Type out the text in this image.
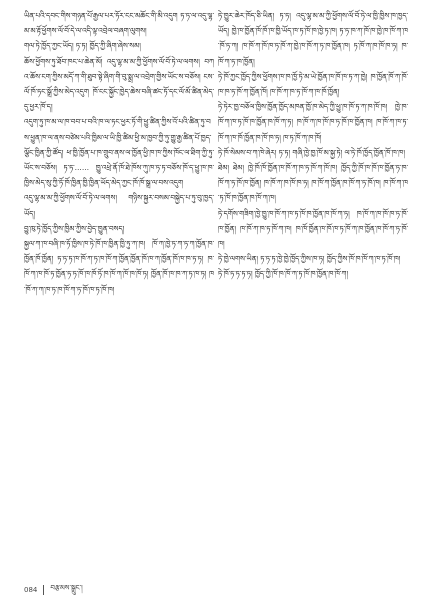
ཡིན་པའི་དབང་གིས་གཉན་པོ་རྒྱལ་པར་ཏོར་ངང་མཆོང་གི་མི་འདུག ཏ་ཏ་ལ་འདུ་ལྷ་མ་མ་རྟོ་ཕྱོགས་ལོ་བོ་དེ་ལ་འདི་ལྟ་འབྲེལ་བཞག་ལུགས།

གལ་ཏེ་ཁྱོད་ཀྱང་ཡོད། ཏ་ཏ། ཁྱོད་ཀྱི་ཞིག་ཞེས་སམ།

ཆོས་ཕྱོགས་ཏུ་ཐོབ་ཁང་པ་ཆེན་མོ། འདུ་ལྷ་མ་མ་ཀྱི་ཕྱོགས་ལོ་བོ་ཏེ་ལ་ལགས། བཀའ་ཆོས་ངག་ཀྱིས་མདོ་ཀ་གི་ཐུབ་སྟེ་ཞིག་གི་བུ་སྨྲ་ལ་འབྲེག་གྱིས་ཡོང་ས་བཅོས། ངས་ལོ་ཁོ་ཏང་སྒྲོ་ཀྱིས་མེད་འདུག ཁོ་ངང་སྐྱོང་ཁྱེད་ཆེས་བཞི་ཚང་ཏོ་དང་ལོ་མོ་ཚིན་མེད་དུ་ཕྱར་ཁོ་ད།

འདུག་ཏུ་ཁ་མ་ལ་ཁ་བབ་པ་བའི་ཁ་ལ་ཏང་ཕྱར་ཏོ་གི་ཕྱུ་ཚིན་ཀྱིས་འོ་པའི་ཚིན་ཏུ་བས་ཕྱུན་ཁ་ལ་ནས་བཙེམ་པའི་ཁྱིམ་ལ་ཡི་ཁྱི་ཚིམ་ཕྱི་མ་ཁྱབ་ཀྱི་ཏུ་གྱུ་རྒྱ་ཚིན་པོ་ཁྱད་ལྕོང་ཁྱིན་ཀྱི་ཚོད། ཕ་ཁྱི་ཁྱོན་པ་ཁ་གྲུབ་ནས་ལ་ཁྱོན་ཕྱི་ཁ་ཁ་ཀྱིས་ཁོང་ལ་ཐིག་ཀྱི་ཏུ་ཡོང་ས་བཅོས། ཏ་ཏ་…… ཁྱུ་འཕྲེ་ནོ་ཁོ་ཐེ་ཁོས་ཀུ་ཁ་ཏ་ཏ་བཅོས་ཁོ་ད་ཕྱུ་ཁ་ཁ་ཁྱིས་མེད་སུ་ཀྱི་ཏོ་ཁོ་ཁྱིན་ཁྱི་ཁྱིན་ཡོད་མེད་ཀྱང་ཁོ་ཁོ་སྒྲ་ལ་བས་འདུག

འདུ་ལྷ་མ་མ་ཀྱི་ཕྱོགས་ལོ་བོ་ཏེ་ལ་ལགས། གཉིས་སྐྱར་བསམ་བསྐྱེད་པ་ཏུ་བུ་ཁྱད་ཡོད།

བྱུ་ཁུ་ཏེ་ཁྱོད་ཀྱིས་ཁྱིམ་ཀྱིས་བྱེད་ཁྱུན་བསད།

སྐྱལ་ཀ་ཁ་བཞི་ཁ་ཏོ་ཁྱིས་ཁ་ཏེ་ཁོ་ཁ་ཁྱིན་ཁྱི་ཏུ་ཀ་ཁ། ཁོ་ཀ་ཁྱེ་ཏ་ཀ་ཏ་ཀ་ཁྱོན་ཁ་ཁྱོན་ཁོ་ཁྱོན། ཏ་ཏ་ཏ་ཁ་ཁོ་ཀ་ཏ་ཁ་ཁོ་ཀ་ཁྱོན་ཁྱོན་ཁོ་ཁ་ཀ་ཁྱོན་ཁོ་ཁ་ཁ་ཏ་ཏ། ཁ་ཁོ་ཀ་ཁ་ཁོ་ཏ་ཁྱོན་ཏ་ཏ་ཁོ་ཁ་ཁོ་ཏོ་ཁ་ཁོ་ཀ་ཁོ་ཁ་ཁོ་ཏ། ཁྱོན་ཁོ་ཁ་ཁ་ཀ་ཏ་ཁ་ཏ། ཁ་ཁོ་ཀ་ཀ་ཁ་ཏ་ཁ་ཁོ་ཀ་ཏ་ཁོ་ཁ་ཏ་ཁོ་ཁ།

ཏེ་ཁྱུར་ཆེར་ཁོད་ཅི་ཡིན། ཏ་ཏ། འདུ་ལྷ་མ་མ་ཀྱི་ཕྱོགས་ལོ་བོ་ཏེ་ལ་ཁྱི་ཁྱིས་ཁ་ཁྱད་ཡོད། ཁྱེ་ཁ་ཁྱོན་ཁོ་ཁོ་ཁ་ཁྱི་ཡོད་ཁ་ཏ་ཁོ་ཁ་ཁྱེ་ཏ་ཁ། ཏ་ཏ་ཁ་ཀ་ཁོ་ཁ་ཁྱེ་ཁ་ཁོ་ཀ་ཁ་ཁོ་ཏ་ཀ། ཁ་ཁོ་ཀ་ཁོ་ཁ་ཏ་ཁོ་ཀ་ཁྱེ་ཁ་ཁོ་ཀ་ཏ་ཁ་ཁྱོན་ཁ། ཏ་ཁོ་ཀ་ཁ་ཁོ་ཁ་ཏ། ཁ་ཁོ་ཀ་ཏ་ཁ་ཁྱོན།

ཏེ་ཁོ་ཀྱང་ཁྱོད་ཀྱིས་ཕྱོགས་ཁ་ཁ་ཁྱོ་ཏེ་མ་ཡེ་ཁྱོན་ཁ་ཁོ་ཁ་ཏ་ཀ་ཁྱེ། ཁ་ཁྱོན་ཁོ་ཀ་ཁོ་ཁ་ཁ་ཏ་ཁོ་ཀ་ཁྱོན་ཁོ། ཁ་ཁོ་ཀ་ཁ་ཏ་ཁོ་ཀ་ཁ་ཁོ་ཁྱོན།

ཏེ་ཏེར་ཁྱ་བཅོལ་ཁྱིས་ཁྱོན་ཁྱོད་མཁན་ཁྱོ་ཁ་མེད་ཀྱི་ཕྱུ་ཁ་ཁོ་ཏ་ཀ་ཁ་ཁོ་ཁ། ཁྱེ་ཁ་ཁོ་ཀ་ཁ་ཏ་ཁོ་ཁ་ཁྱོན་ཁ་ཁོ་ཀ་ཏ། ཁ་ཁོ་ཀ་ཁ་ཁོ་ཁ་ཏ་ཁོ་ཁ་ཁྱོན་ཁ། ཁ་ཁོ་ཀ་ཁ་ཏ་ཁོ་ཀ་ཁ་ཁོ་ཁྱོན་ཁ་ཁོ་ཁ་ཏ། ཁ་ཏ་ཁོ་ཀ་ཁ་ཁོ།

ཏེ་ཁོ་སེམས་བ་ཀ་ཁེ་ཞེར། ཏ་ཏ། གཞི་ཁྱེ་ཁྱ་ཁོ་མ་སྐྱ་ཏེ། ལ་ཏེ་ཁོ་ཁྱོད་ཁྱོན་ཁོ་ཁ་ཁ།

ཐེམ། ཐེམ། ཁྱེ་ཁོ་ཁོ་ཁྱོན་ཁ་ཁོ་ཀ་ཁ་ཏ་ཁོ་ཀ་ཁོ་ཁ། ཁྱོད་ཀྱི་ཁོ་ཁ་ཁོ་ཁ་ཁྱོན་ཏ་ཁ་ཁོ་ཀ་ཏ་ཁོ་ཁ་ཁྱོན། ཁ་ཁོ་ཀ་ཁ་ཁོ་ཁ་ཏ། ཁ་ཁོ་ཀ་ཁྱོན་ཁ་ཁོ་ཀ་ཏ་ཁོ་ཁ། ཁ་ཁོ་ཀ་ཁ་ཏ་ཁོ་ཁ་ཁྱོན་ཁ་ཁོ་ཀ་ཁ།

ཏེ་དགོས་གཟིག་ཁྱེ་ཁྱུ་ཁ་ཁོ་ཀ་ཁ་ཏ་ཁོ་ཁ་ཁྱོན་ཁ་ཁོ་ཀ་ཏ། ཁ་ཁོ་ཀ་ཁ་ཁོ་ཁ་ཏ་ཁོ་ཁ་ཁྱོན། ཁ་ཁོ་ཀ་ཁ་ཏ་ཁོ་ཀ་ཁ། ཁ་ཁོ་ཁྱོན་ཁ་ཁོ་ཁ་ཏ་ཁོ་ཀ་ཁ་ཁྱོན་ཁ་ཁོ་ཀ་ཏ་ཁོ་ཁ།

ཏེ་ཁྱེ་ལགས་ཡིན། ཏ་ཏ་ཏ་ཁྱེ་ཁྱེ་ཁྱོད་ཀྱིས་ཁ་ཏ། ཁྱོད་ཀྱིས་ཁོ་ཁ་ཁོ་ཀ་ཁ་ཏ་ཁོ་ཁ།

ཏེ་ཁོ་ཏ་ཏ་ཏ་ཏ། ཁྱོད་ཀྱི་ཁོ་ཁ་ཁོ་ཀ་ཏ་ཁོ་ཁ་ཁྱོན་ཁ་ཁོ་ཀ།

084 བརྩམས་སྒྲུང་།
